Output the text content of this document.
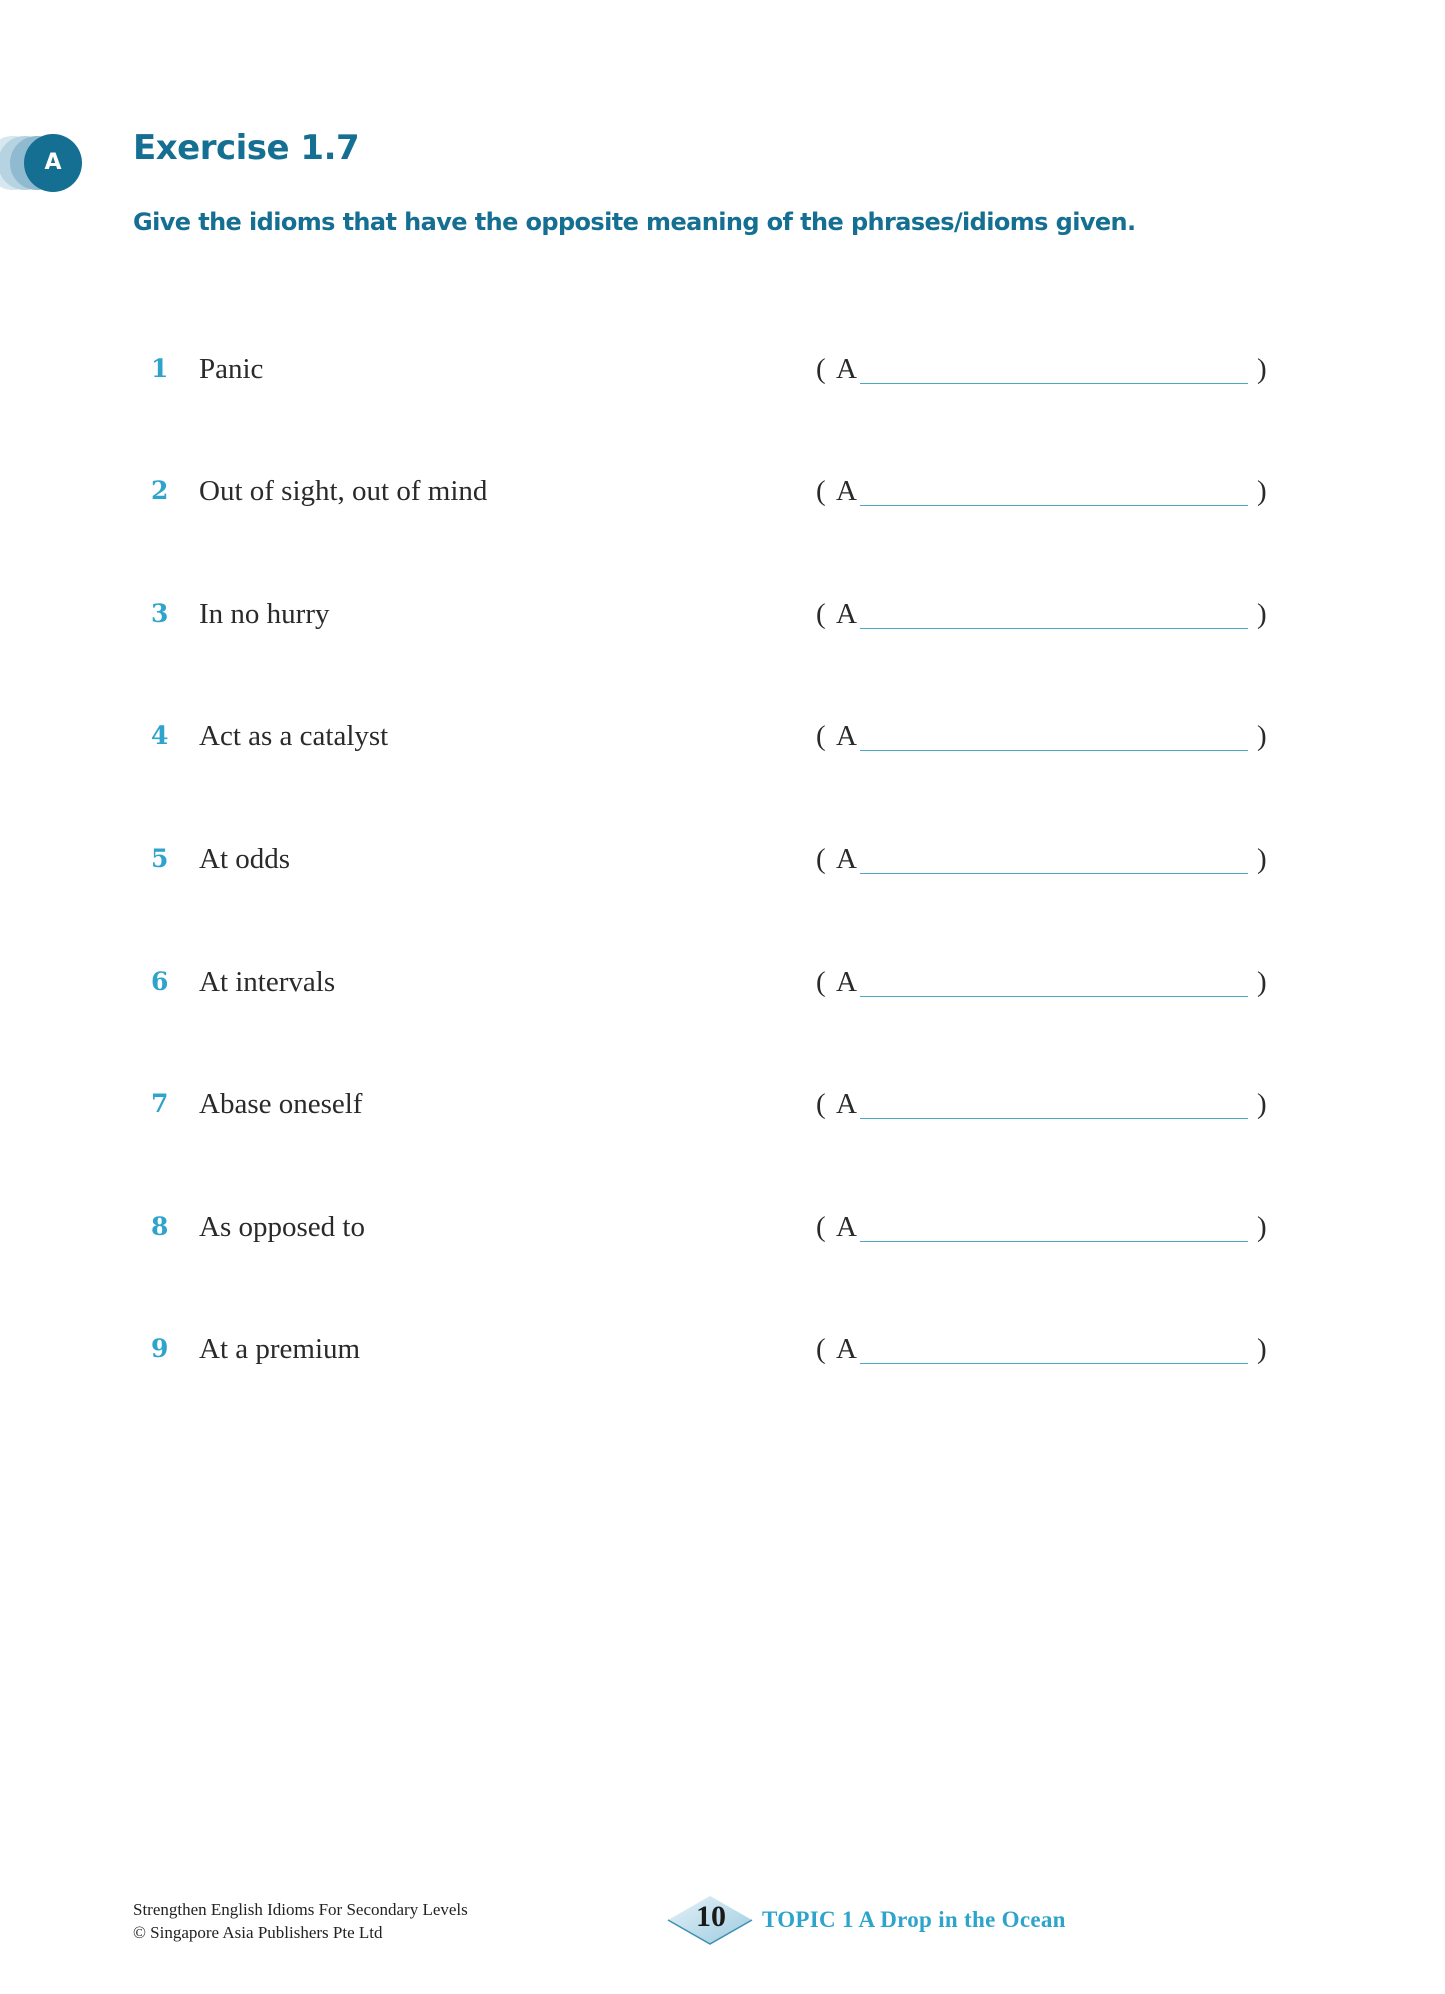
A	Exercise 1.7
Give the idioms that have the opposite meaning of the phrases/idioms given.
1 Panic	( A	)
2 Out of sight, out of mind	( A	)
3 In no hurry	( A	)
4 Act as a catalyst	( A	)
5 At odds	( A	)
6 At intervals	( A	)
7 Abase oneself	( A	)
8 As opposed to	( A	)
9 At a premium	( A	)
Strengthen English Idioms For Secondary Levels
© Singapore Asia Publishers Pte Ltd	10	TOPIC 1 A Drop in the Ocean
